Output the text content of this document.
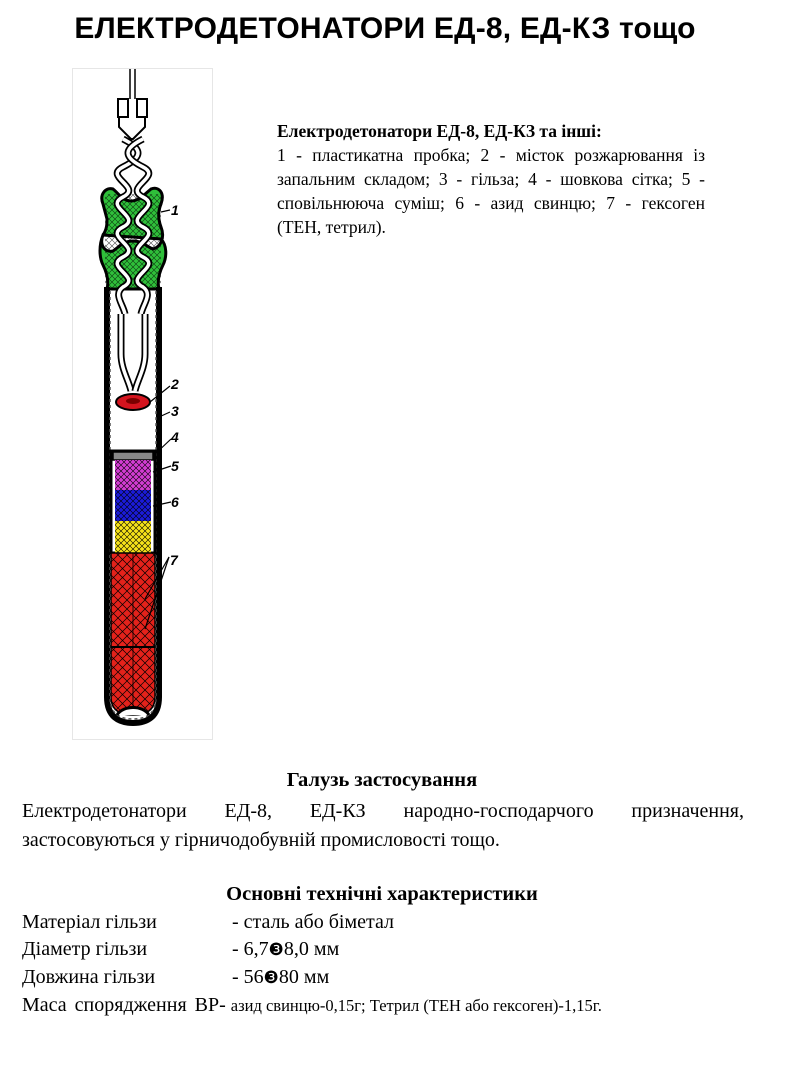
ЕЛЕКТРОДЕТОНАТОРИ ЕД-8, ЕД-КЗ тощо
1
2
3
4
5
6
7
Електродетонатори ЕД-8, ЕД-КЗ та інші:
1 - пластикатна пробка; 2 - місток розжарювання із запальним складом; 3 - гільза; 4 - шовкова сітка; 5 - сповільнююча суміш; 6 - азид свинцю; 7 - гексоген (ТЕН, тетрил).
Галузь застосування
Електродетонатори ЕД-8, ЕД-КЗ народно-господарчого призначення, застосовуються у гірничодобувній промисловості тощо.
Основні технічні характеристики
Матеріал гільзи	- сталь або біметал
Діаметр гільзи	- 6,7❸8,0 мм
Довжина гільзи	- 56❸80 мм
Маса спорядження ВР- азид свинцю-0,15г; Тетрил (ТЕН або гексоген)-1,15г.
